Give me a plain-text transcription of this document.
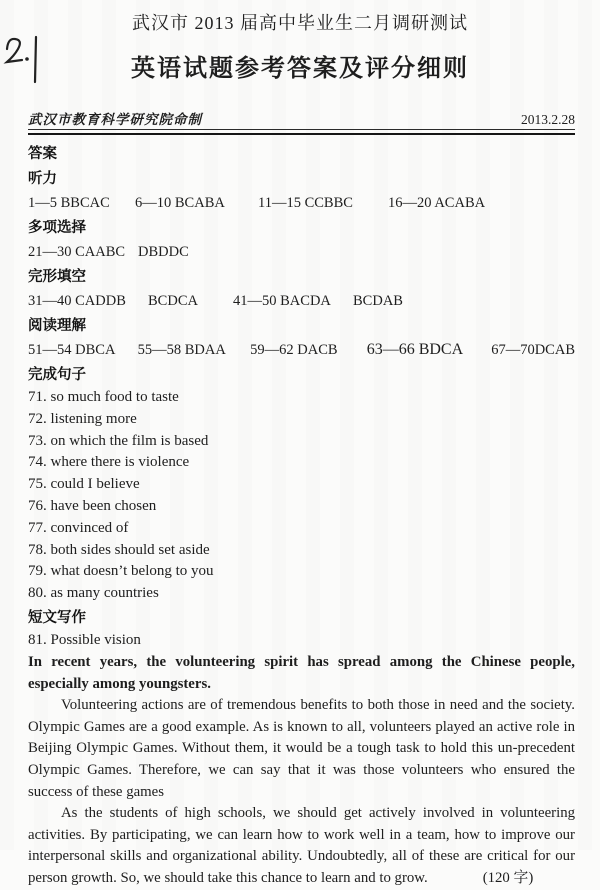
武汉市 2013 届高中毕业生二月调研测试
英语试题参考答案及评分细则
武汉市教育科学研究院命制	2013.2.28
答案
听力
1—5 BBCAC	6—10 BCABA	11—15 CCBBC	16—20 ACABA
多项选择
21—30 CAABC DBDDC
完形填空
31—40 CADDB	BCDCA	41—50 BACDA	BCDAB
阅读理解
51—54 DBCA	55—58 BDAA	59—62 DACB	63—66 BDCA	67—70DCAB
完成句子
71. so much food to taste
72. listening more
73. on which the film is based
74. where there is violence
75. could I believe
76. have been chosen
77. convinced of
78. both sides should set aside
79. what doesn’t belong to you
80. as many countries
短文写作
81. Possible vision

In recent years, the volunteering spirit has spread among the Chinese people, especially among youngsters.

Volunteering actions are of tremendous benefits to both those in need and the society. Olympic Games are a good example. As is known to all, volunteers played an active role in Beijing Olympic Games. Without them, it would be a tough task to hold this un-precedent Olympic Games. Therefore, we can say that it was those volunteers who ensured the success of these games

As the students of high schools, we should get actively involved in volunteering activities. By participating, we can learn how to work well in a team, how to improve our interpersonal skills and organizational ability. Undoubtedly, all of these are critical for our person growth. So, we should take this chance to learn and to grow.	(120 字)
